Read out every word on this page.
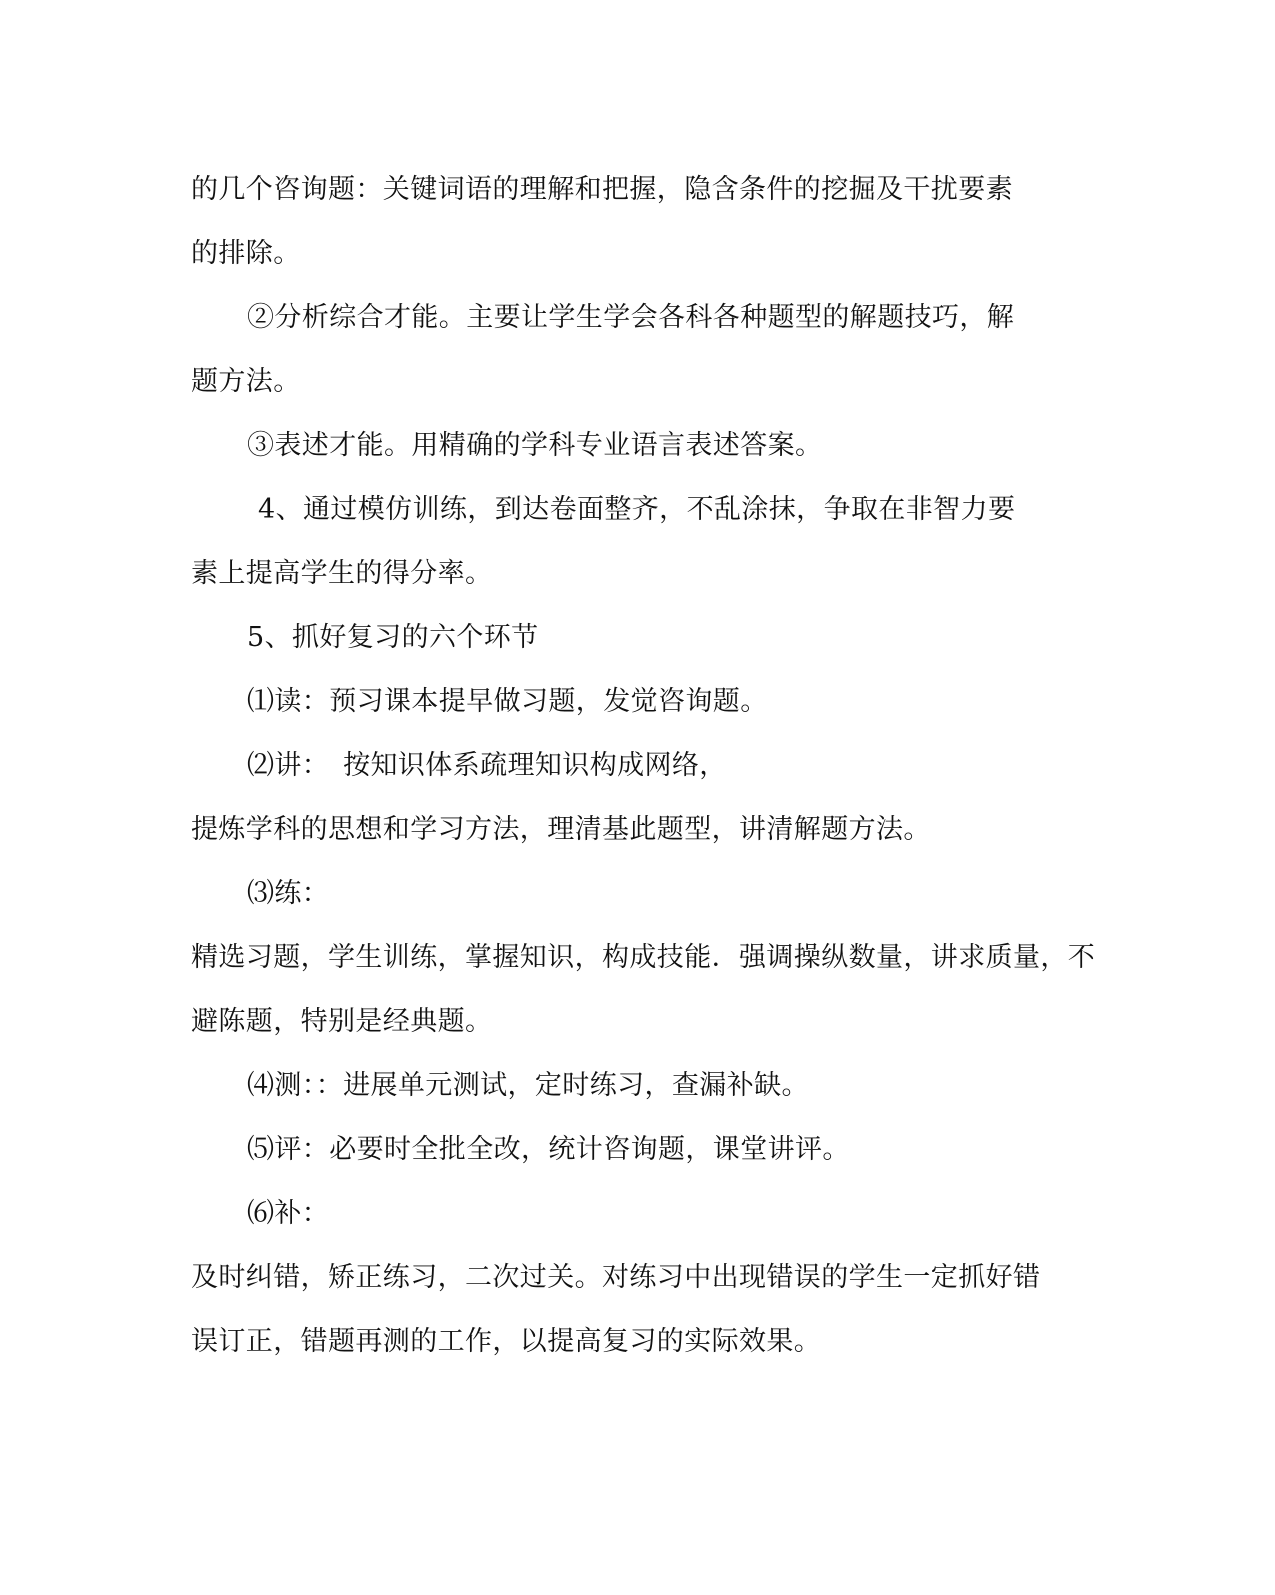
的几个咨询题：关键词语的理解和把握，隐含条件的挖掘及干扰要素
的排除。
②分析综合才能。主要让学生学会各科各种题型的解题技巧，解
题方法。
③表述才能。用精确的学科专业语言表述答案。
4、通过模仿训练，到达卷面整齐，不乱涂抹，争取在非智力要
素上提高学生的得分率。
5、抓好复习的六个环节
⑴读：预习课本提早做习题，发觉咨询题。
⑵讲：　按知识体系疏理知识构成网络，
提炼学科的思想和学习方法，理清基此题型，讲清解题方法。
⑶练：
精选习题，学生训练，掌握知识，构成技能．强调操纵数量，讲求质量，不
避陈题，特别是经典题。
⑷测：：进展单元测试，定时练习，查漏补缺。
⑸评：必要时全批全改，统计咨询题，课堂讲评。
⑹补：
及时纠错，矫正练习，二次过关。对练习中出现错误的学生一定抓好错
误订正，错题再测的工作，以提高复习的实际效果。
